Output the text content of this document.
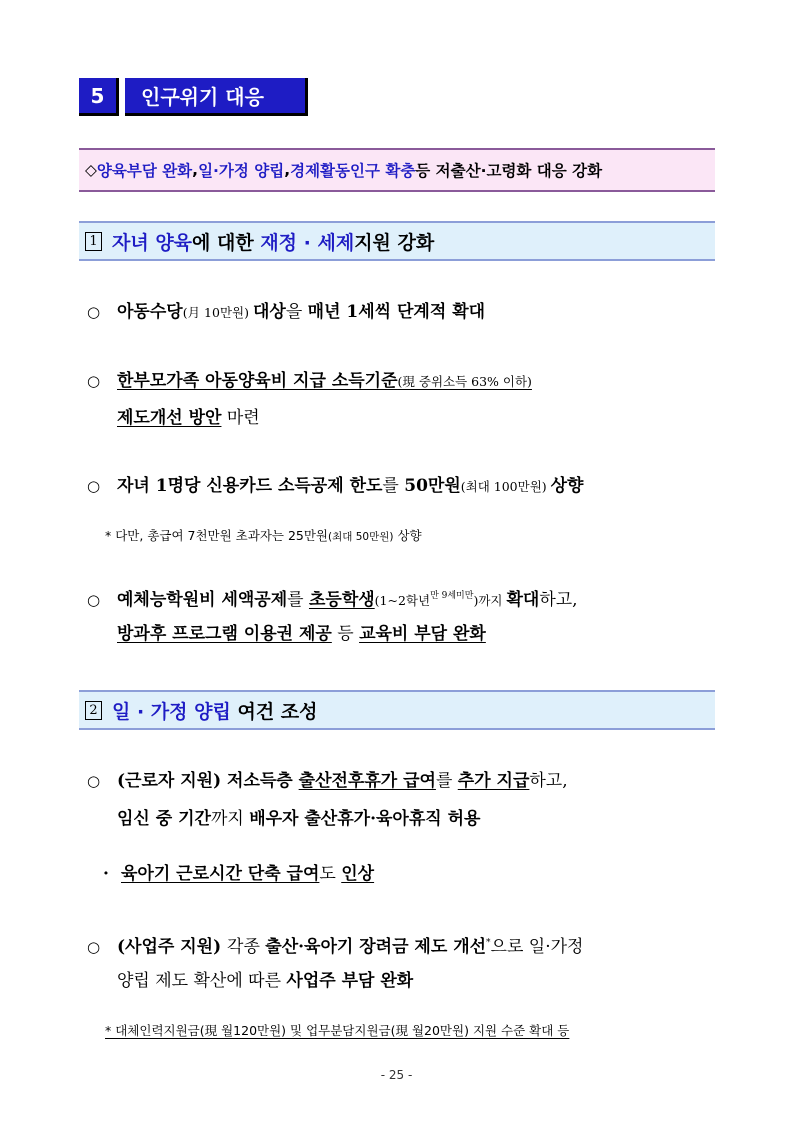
5	인구위기 대응
◇ 양육부담 완화 , 일·가정 양립 , 경제활동인구 확충 등 저출산·고령화 대응 강화
1 자녀 양육 에 대한 재정 · 세제 지원 강화
○ 아동수당(月 10만원) 대상을 매년 1세씩 단계적 확대
○ 한부모가족 아동양육비 지급 소득기준(現 중위소득 63% 이하)
제도개선 방안 마련
○ 자녀 1명당 신용카드 소득공제 한도를 50만원(최대 100만원) 상향
* 다만, 총급여 7천만원 초과자는 25만원(최대 50만원) 상향
○ 예체능학원비 세액공제를 초등학생(1~2학년$^{만 9세미만}$)까지 확대하고,
방과후 프로그램 이용권 제공 등 교육비 부담 완화
2 일 · 가정 양립 여건 조성
○ (근로자 지원) 저소득층 출산전후휴가 급여를 추가 지급하고,
임신 중 기간까지 배우자 출산휴가·육아휴직 허용
· 육아기 근로시간 단축 급여도 인상
○ (사업주 지원) 각종 출산·육아기 장려금 제도 개선*으로 일·가정
양립 제도 확산에 따른 사업주 부담 완화
* 대체인력지원금(現 월120만원) 및 업무분담지원금(現 월20만원) 지원 수준 확대 등
- 25 -
